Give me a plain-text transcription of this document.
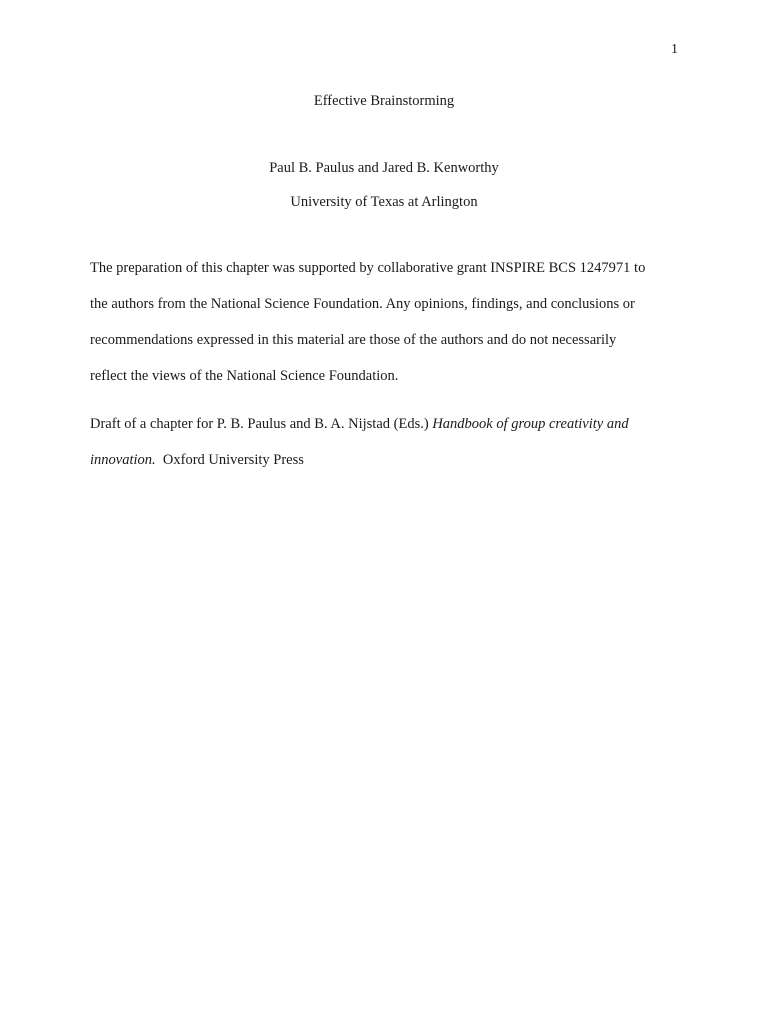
1
Effective Brainstorming
Paul B. Paulus and Jared B. Kenworthy
University of Texas at Arlington
The preparation of this chapter was supported by collaborative grant INSPIRE BCS 1247971 to
the authors from the National Science Foundation. Any opinions, findings, and conclusions or
recommendations expressed in this material are those of the authors and do not necessarily
reflect the views of the National Science Foundation.
Draft of a chapter for P. B. Paulus and B. A. Nijstad (Eds.) Handbook of group creativity and
innovation.  Oxford University Press
